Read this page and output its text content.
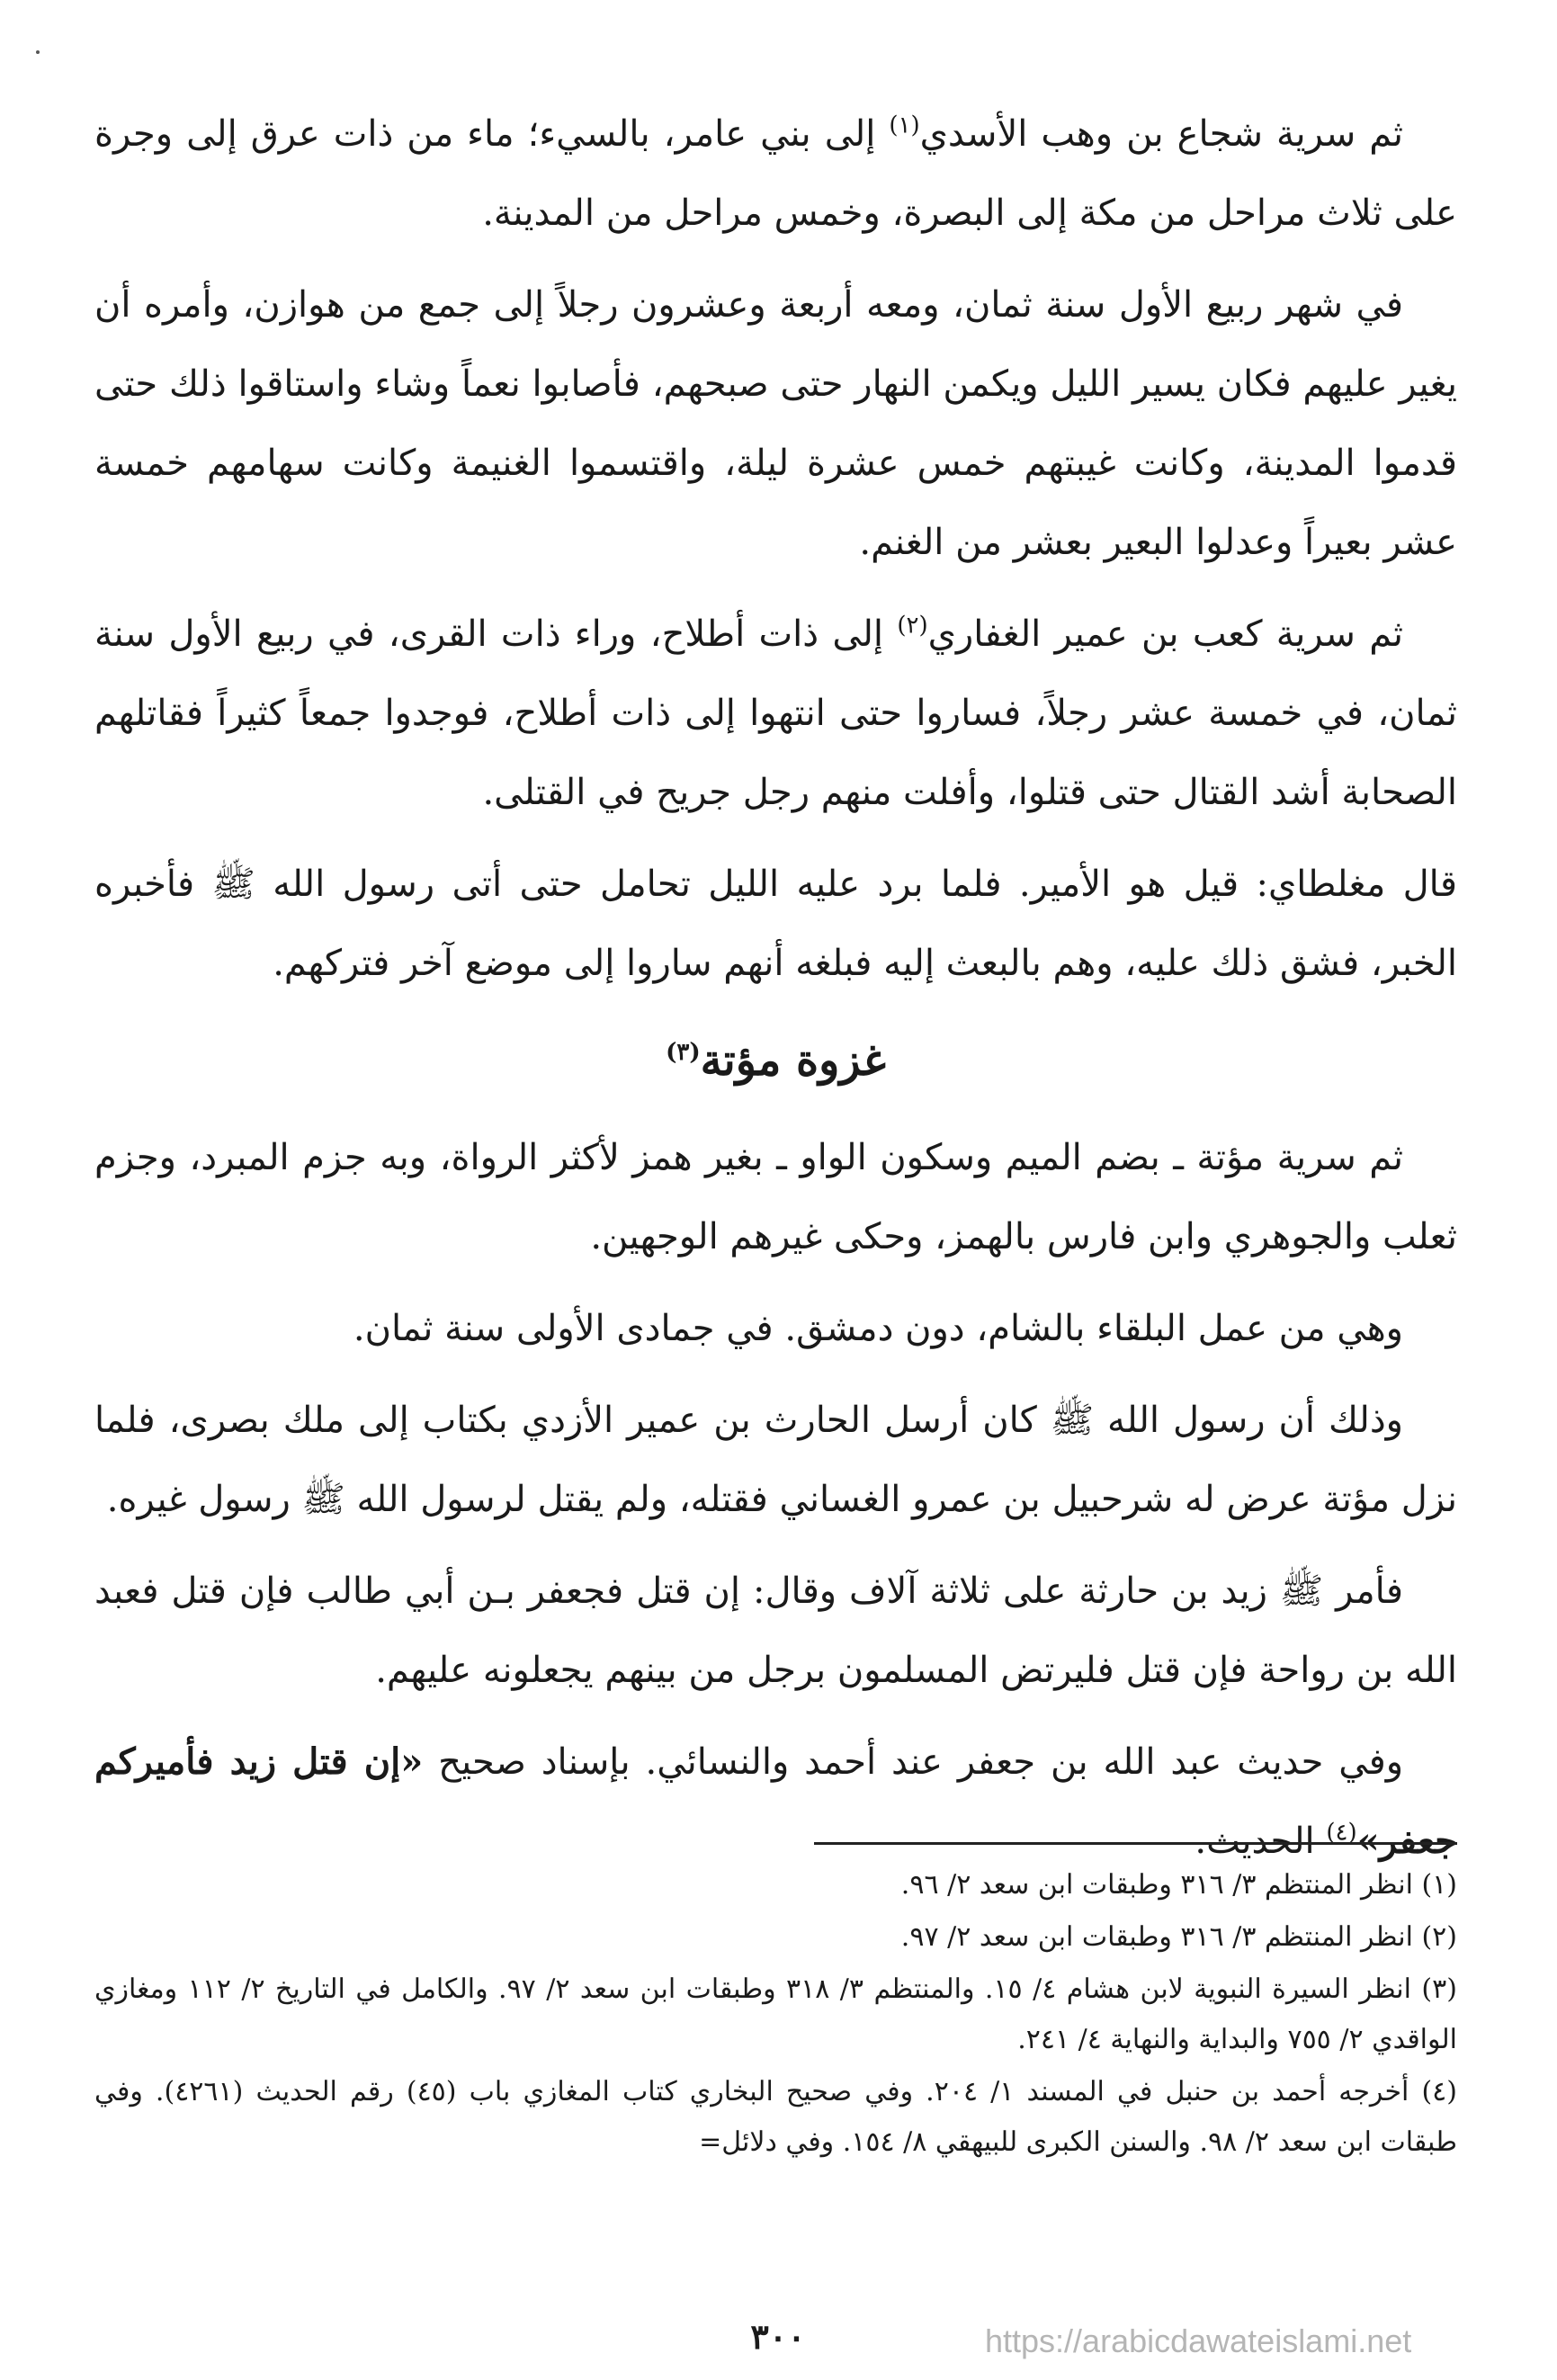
ثم سرية شجاع بن وهب الأسدي$^{(١)}$ إلى بني عامر، بالسيء؛ ماء من ذات عرق إلى وجرة على ثلاث مراحل من مكة إلى البصرة، وخمس مراحل من المدينة.

في شهر ربيع الأول سنة ثمان، ومعه أربعة وعشرون رجلاً إلى جمع من هوازن، وأمره أن يغير عليهم فكان يسير الليل ويكمن النهار حتى صبحهم، فأصابوا نعماً وشاء واستاقوا ذلك حتى قدموا المدينة، وكانت غيبتهم خمس عشرة ليلة، واقتسموا الغنيمة وكانت سهامهم خمسة عشر بعيراً وعدلوا البعير بعشر من الغنم.

ثم سرية كعب بن عمير الغفاري$^{(٢)}$ إلى ذات أطلاح، وراء ذات القرى، في ربيع الأول سنة ثمان، في خمسة عشر رجلاً، فساروا حتى انتهوا إلى ذات أطلاح، فوجدوا جمعاً كثيراً فقاتلهم الصحابة أشد القتال حتى قتلوا، وأفلت منهم رجل جريح في القتلى.

قال مغلطاي: قيل هو الأمير. فلما برد عليه الليل تحامل حتى أتى رسول الله ﷺ فأخبره الخبر، فشق ذلك عليه، وهم بالبعث إليه فبلغه أنهم ساروا إلى موضع آخر فتركهم.

غزوة مؤتة$^{(٣)}$

ثم سرية مؤتة ـ بضم الميم وسكون الواو ـ بغير همز لأكثر الرواة، وبه جزم المبرد، وجزم ثعلب والجوهري وابن فارس بالهمز، وحكى غيرهم الوجهين.

وهي من عمل البلقاء بالشام، دون دمشق. في جمادى الأولى سنة ثمان.

وذلك أن رسول الله ﷺ كان أرسل الحارث بن عمير الأزدي بكتاب إلى ملك بصرى، فلما نزل مؤتة عرض له شرحبيل بن عمرو الغساني فقتله، ولم يقتل لرسول الله ﷺ رسول غيره.

فأمر ﷺ زيد بن حارثة على ثلاثة آلاف وقال: إن قتل فجعفر بـن أبي طالب فإن قتل فعبد الله بن رواحة فإن قتل فليرتض المسلمون برجل من بينهم يجعلونه عليهم.

وفي حديث عبد الله بن جعفر عند أحمد والنسائي. بإسناد صحيح «إن قتل زيد فأميركم جعفر»$^{(٤)}$ الحديث.

(١) انظر المنتظم ٣/ ٣١٦ وطبقات ابن سعد ٢/ ٩٦.

(٢) انظر المنتظم ٣/ ٣١٦ وطبقات ابن سعد ٢/ ٩٧.

(٣) انظر السيرة النبوية لابن هشام ٤/ ١٥. والمنتظم ٣/ ٣١٨ وطبقات ابن سعد ٢/ ٩٧. والكامل في التاريخ ٢/ ١١٢ ومغازي الواقدي ٢/ ٧٥٥ والبداية والنهاية ٤/ ٢٤١.

(٤) أخرجه أحمد بن حنبل في المسند ١/ ٢٠٤. وفي صحيح البخاري كتاب المغازي باب (٤٥) رقم الحديث (٤٢٦١). وفي طبقات ابن سعد ٢/ ٩٨. والسنن الكبرى للبيهقي ٨/ ١٥٤. وفي دلائل=

٣٠٠	https://arabicdawateislami.net
